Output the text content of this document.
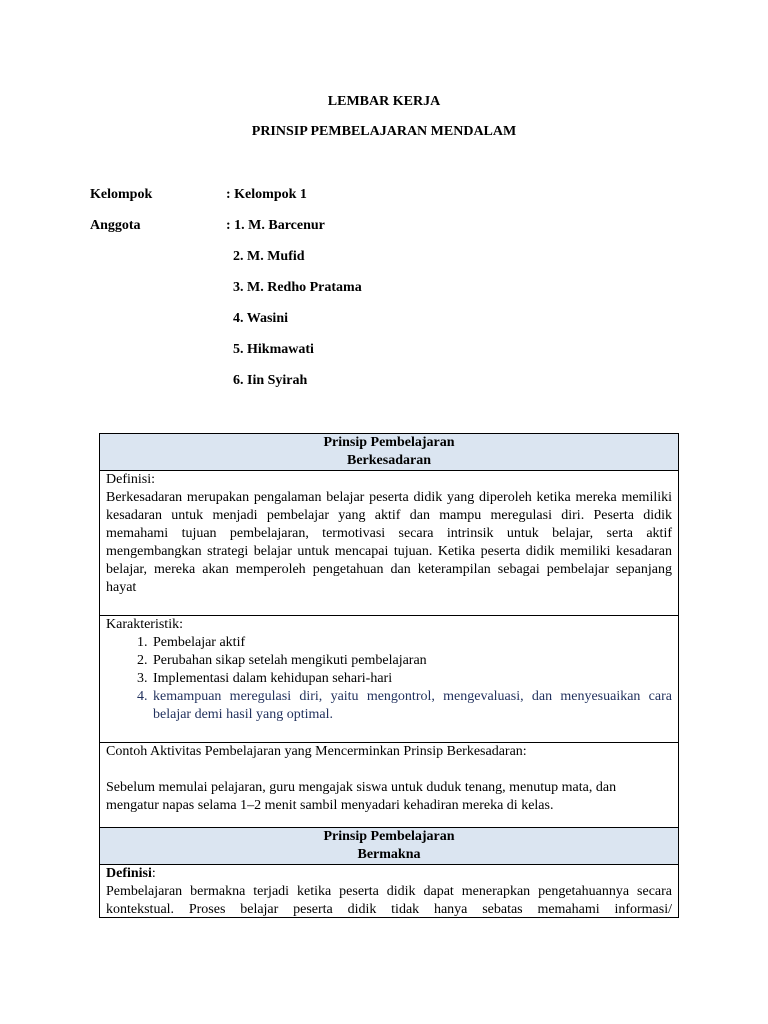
LEMBAR KERJA
PRINSIP PEMBELAJARAN MENDALAM
Kelompok	: Kelompok 1
Anggota	: 1. M. Barcenur
2. M. Mufid
3. M. Redho Pratama
4. Wasini
5. Hikmawati
6. Iin Syirah
Prinsip Pembelajaran
Berkesadaran

Definisi:

Berkesadaran merupakan pengalaman belajar peserta didik yang diperoleh ketika mereka memiliki kesadaran untuk menjadi pembelajar yang aktif dan mampu meregulasi diri. Peserta didik memahami tujuan pembelajaran, termotivasi secara intrinsik untuk belajar, serta aktif mengembangkan strategi belajar untuk mencapai tujuan. Ketika peserta didik memiliki kesadaran belajar, mereka akan memperoleh pengetahuan dan keterampilan sebagai pembelajar sepanjang hayat

Karakteristik:
1. Pembelajar aktif
2. Perubahan sikap setelah mengikuti pembelajaran
3. Implementasi dalam kehidupan sehari-hari
4. kemampuan meregulasi diri, yaitu mengontrol, mengevaluasi, dan menyesuaikan cara belajar demi hasil yang optimal.

Contoh Aktivitas Pembelajaran yang Mencerminkan Prinsip Berkesadaran:
Sebelum memulai pelajaran, guru mengajak siswa untuk duduk tenang, menutup mata, dan mengatur napas selama 1–2 menit sambil menyadari kehadiran mereka di kelas.

Prinsip Pembelajaran
Bermakna

Definisi:

Pembelajaran bermakna terjadi ketika peserta didik dapat menerapkan pengetahuannya secara kontekstual. Proses belajar peserta didik tidak hanya sebatas memahami informasi/
